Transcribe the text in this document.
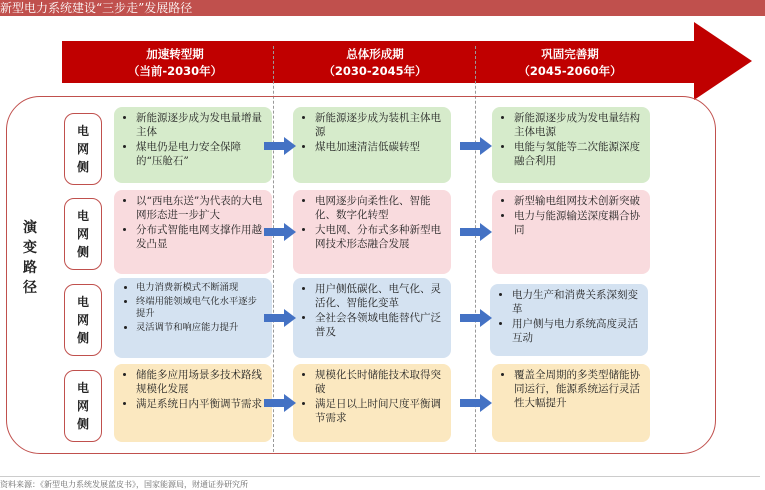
新型电力系统建设“三步走”发展路径
加速转型期
（当前-2030年）
总体形成期
（2030-2045年）
巩固完善期
（2045-2060年）
演变路径
电
网
侧
• 新能源逐步成为发电量增量主体
• 煤电仍是电力安全保障的“压舱石”
• 新能源逐步成为装机主体电源
• 煤电加速清洁低碳转型
• 新能源逐步成为发电量结构主体电源
• 电能与氢能等二次能源深度融合利用
电
网
侧
• 以“西电东送”为代表的大电网形态进一步扩大
• 分布式智能电网支撑作用越发凸显
• 电网逐步向柔性化、智能化、数字化转型
• 大电网、分布式多种新型电网技术形态融合发展
• 新型输电组网技术创新突破
• 电力与能源输送深度耦合协同
电
网
侧
• 电力消费新模式不断涌现
• 终端用能领域电气化水平逐步提升
• 灵活调节和响应能力提升
• 用户侧低碳化、电气化、灵活化、智能化变革
• 全社会各领域电能替代广泛普及
• 电力生产和消费关系深刻变革
• 用户侧与电力系统高度灵活互动
电
网
侧
• 储能多应用场景多技术路线规模化发展
• 满足系统日内平衡调节需求
• 规模化长时储能技术取得突破
• 满足日以上时间尺度平衡调节需求
• 覆盖全周期的多类型储能协同运行，能源系统运行灵活性大幅提升
资料来源：《新型电力系统发展蓝皮书》，国家能源局，财通证券研究所
